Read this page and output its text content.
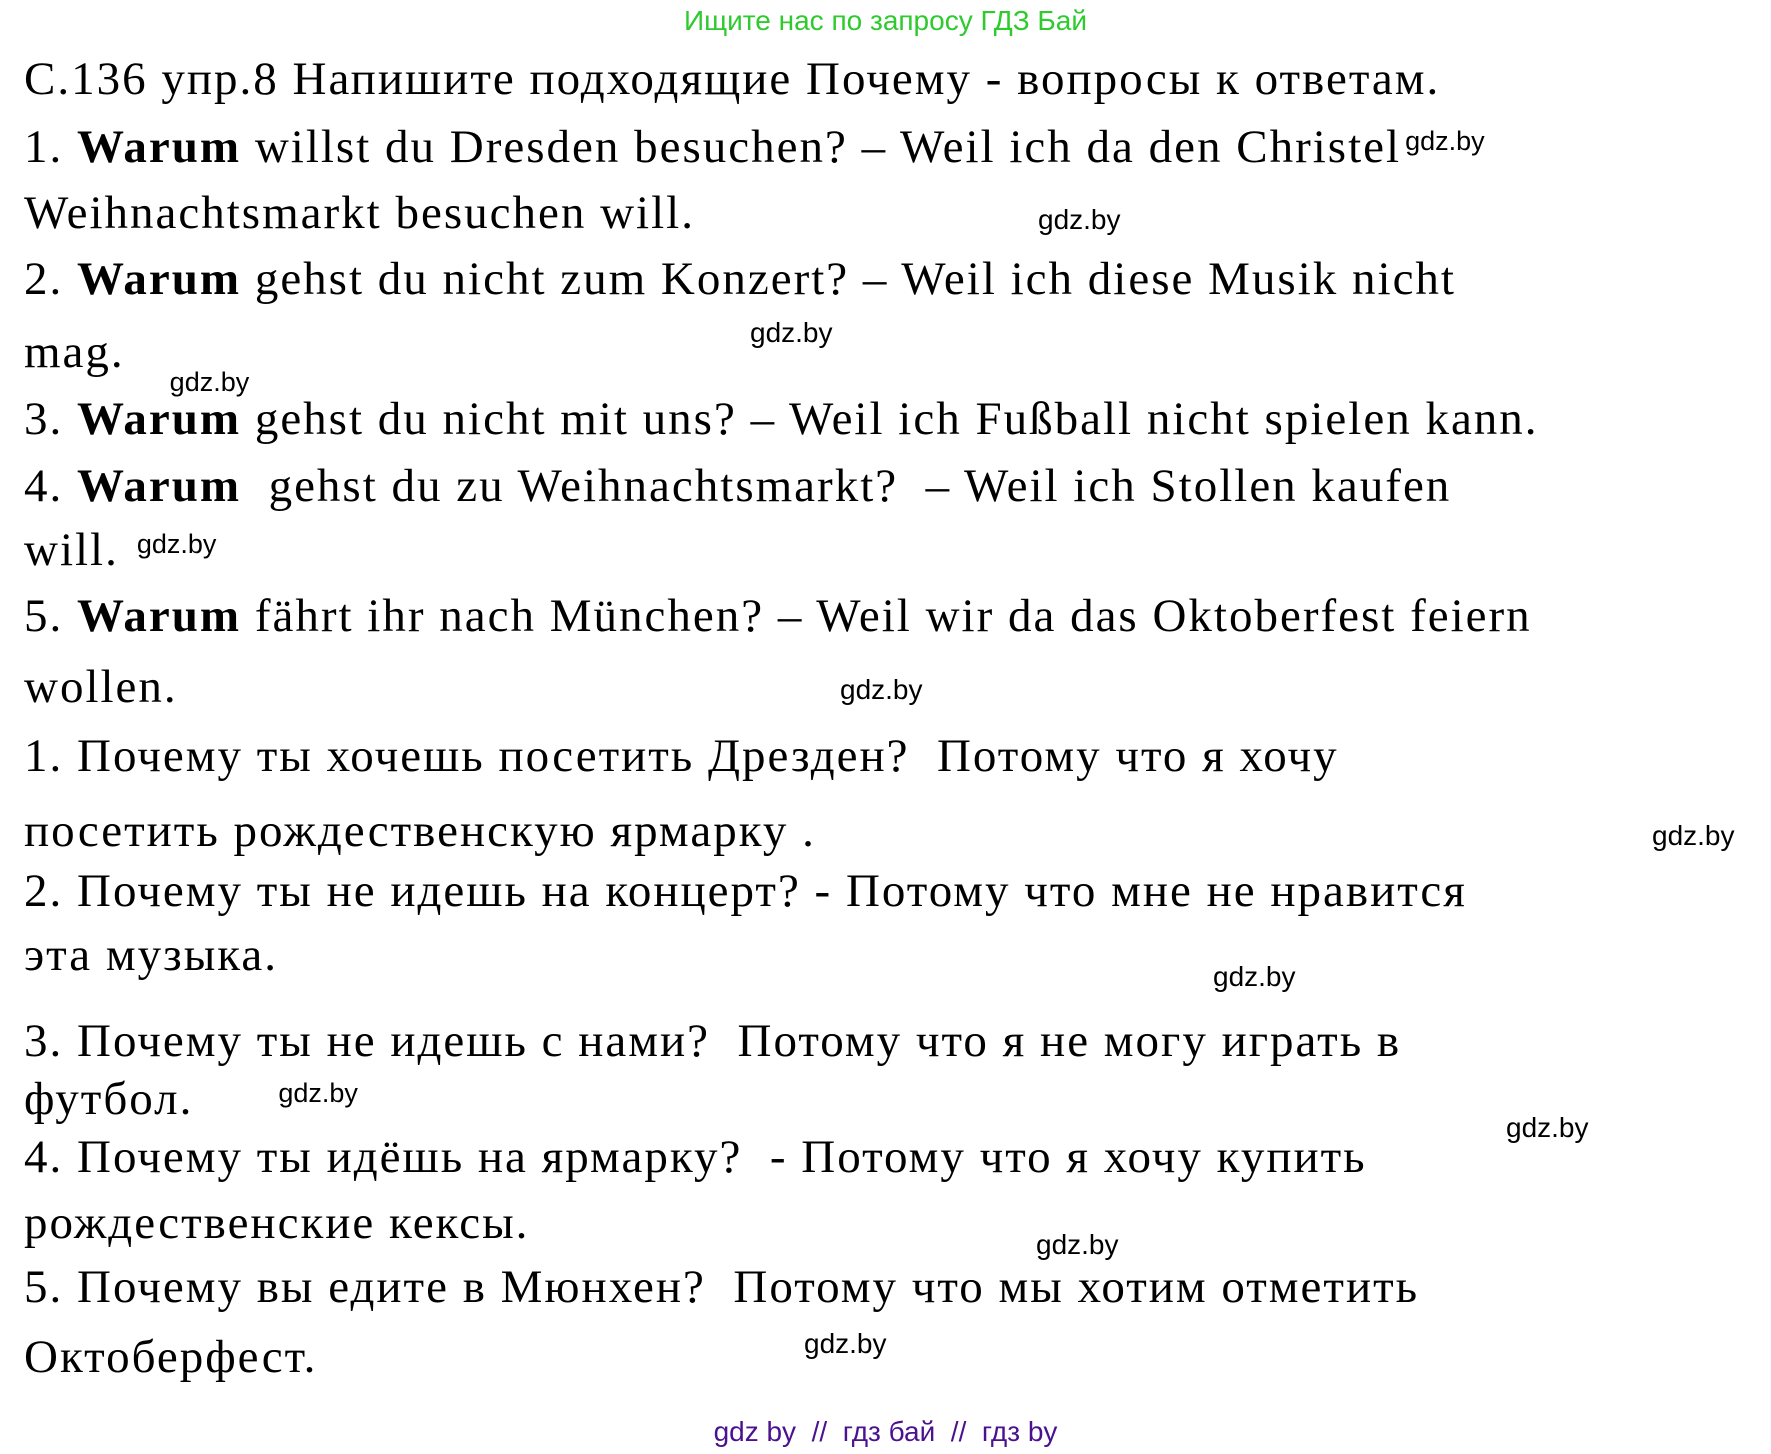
Ищите нас по запросу ГДЗ Бай
С.136 упр.8 Напишите подходящие Почему - вопросы к ответам.
1. Warum willst du Dresden besuchen? – Weil ich da den Christel $^{gdz.by}$
Weihnachtsmarkt besuchen will.
2. Warum gehst du nicht zum Konzert? – Weil ich diese Musik nicht
$mag._{gdz.by}$
3. Warum gehst du nicht mit uns? – Weil ich Fußball nicht spielen kann.
4. Warum  gehst du zu Weihnachtsmarkt?  – Weil ich Stollen kaufen
will. $^{gdz.by}$
5. Warum fährt ihr nach München? – Weil wir da das Oktoberfest feiern
wollen.
1. Почему ты хочешь посетить Дрезден?  Потому что я хочу
посетить рождественскую ярмарку .
2. Почему ты не идешь на концерт? - Потому что мне не нравится
эта музыка.
3. Почему ты не идешь с нами?  Потому что я не могу играть в
футбол.	$^{gdz.by}$
4. Почему ты идёшь на ярмарку?  - Потому что я хочу купить
рождественские кексы.
5. Почему вы едите в Мюнхен?  Потому что мы хотим отметить
Октоберфест.
gdz.by
gdz.by
gdz.by
gdz.by
gdz.by
gdz.by
gdz.by
gdz.by
gdz by  //  гдз бай  //  гдз by
